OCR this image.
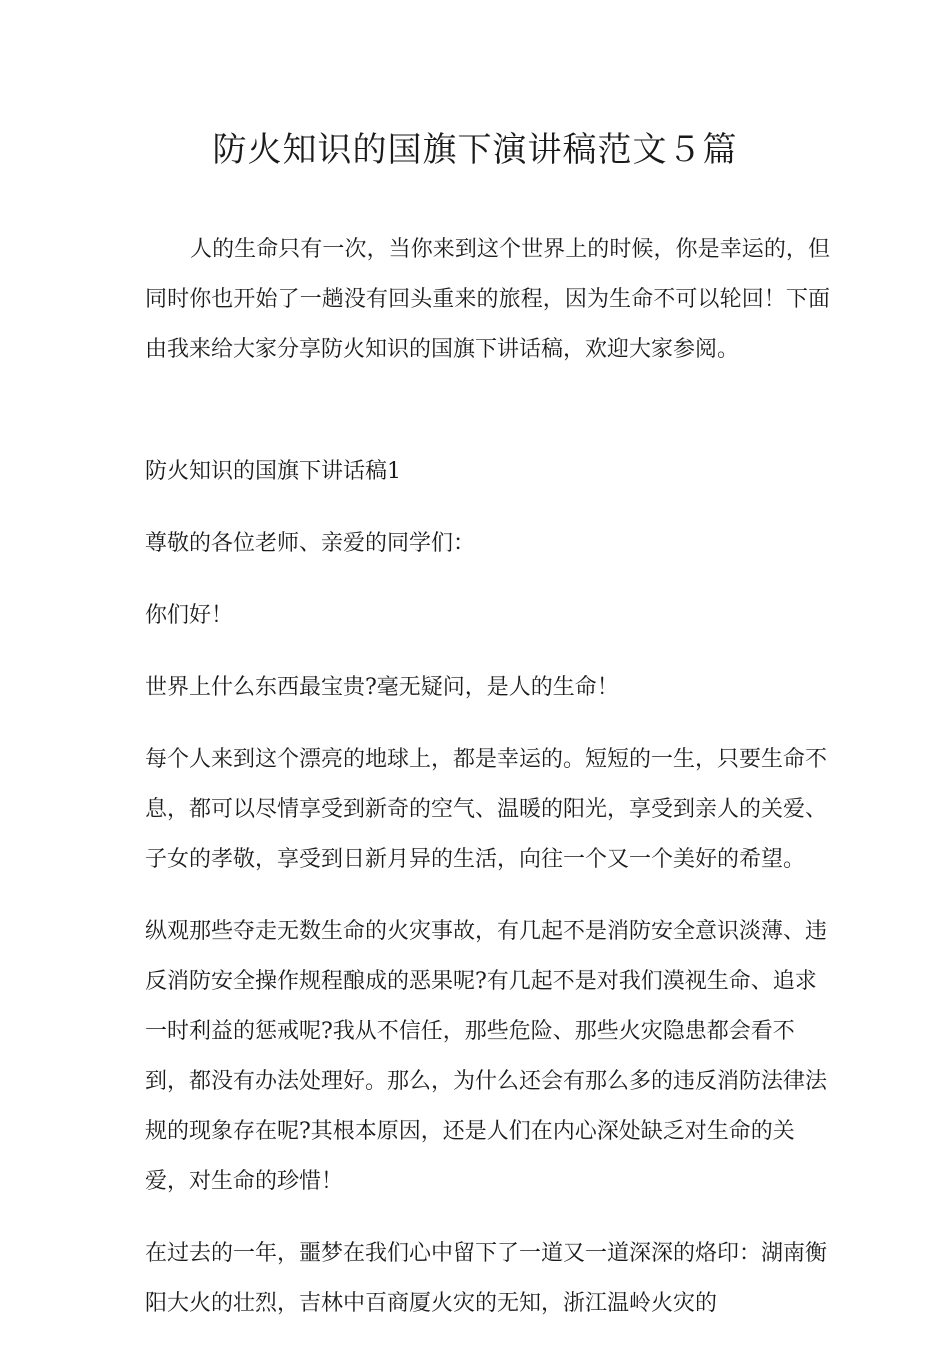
防火知识的国旗下演讲稿范文５篇

人的生命只有一次，当你来到这个世界上的时候，你是幸运的，但同时你也开始了一趟没有回头重来的旅程，因为生命不可以轮回！下面由我来给大家分享防火知识的国旗下讲话稿，欢迎大家参阅。

防火知识的国旗下讲话稿1

尊敬的各位老师、亲爱的同学们：

你们好！

世界上什么东西最宝贵?毫无疑问，是人的生命！

每个人来到这个漂亮的地球上，都是幸运的。短短的一生，只要生命不息，都可以尽情享受到新奇的空气、温暖的阳光，享受到亲人的关爱、子女的孝敬，享受到日新月异的生活，向往一个又一个美好的希望。

纵观那些夺走无数生命的火灾事故，有几起不是消防安全意识淡薄、违反消防安全操作规程酿成的恶果呢?有几起不是对我们漠视生命、追求一时利益的惩戒呢?我从不信任，那些危险、那些火灾隐患都会看不到，都没有办法处理好。那么，为什么还会有那么多的违反消防法律法规的现象存在呢?其根本原因，还是人们在内心深处缺乏对生命的关爱，对生命的珍惜！

在过去的一年，噩梦在我们心中留下了一道又一道深深的烙印：湖南衡阳大火的壮烈，吉林中百商厦火灾的无知，浙江温岭火灾的
